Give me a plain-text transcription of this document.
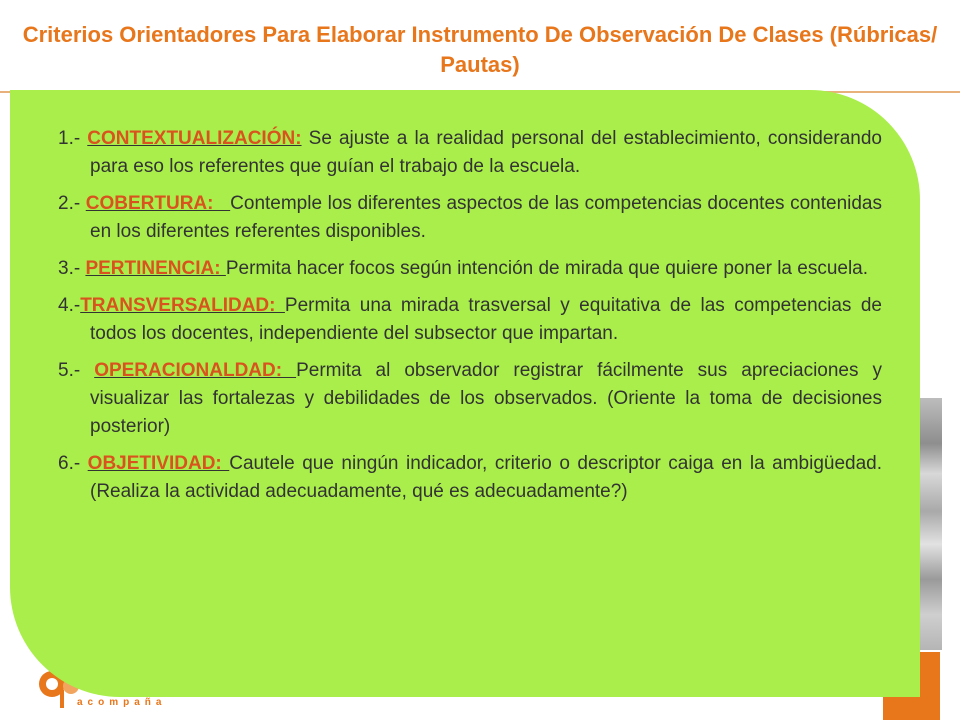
Criterios Orientadores Para Elaborar Instrumento De Observación De Clases (Rúbricas/ Pautas)
acompaña
1.- CONTEXTUALIZACIÓN: Se ajuste a la realidad personal del establecimiento, considerando para eso los referentes que guían el trabajo de la escuela.
2.- COBERTURA:   Contemple los diferentes aspectos de las competencias docentes contenidas en los diferentes referentes disponibles.
3.- PERTINENCIA: Permita hacer focos según intención de mirada que quiere poner la escuela.
4.-TRANSVERSALIDAD: Permita una mirada trasversal y equitativa de las competencias de todos los docentes, independiente del subsector que impartan.
5.- OPERACIONALDAD: Permita al observador registrar fácilmente sus apreciaciones y visualizar las fortalezas y debilidades de los observados. (Oriente la toma de decisiones posterior)
6.- OBJETIVIDAD: Cautele que ningún indicador, criterio o descriptor caiga en la ambigüedad. (Realiza la actividad adecuadamente, qué es adecuadamente?)
